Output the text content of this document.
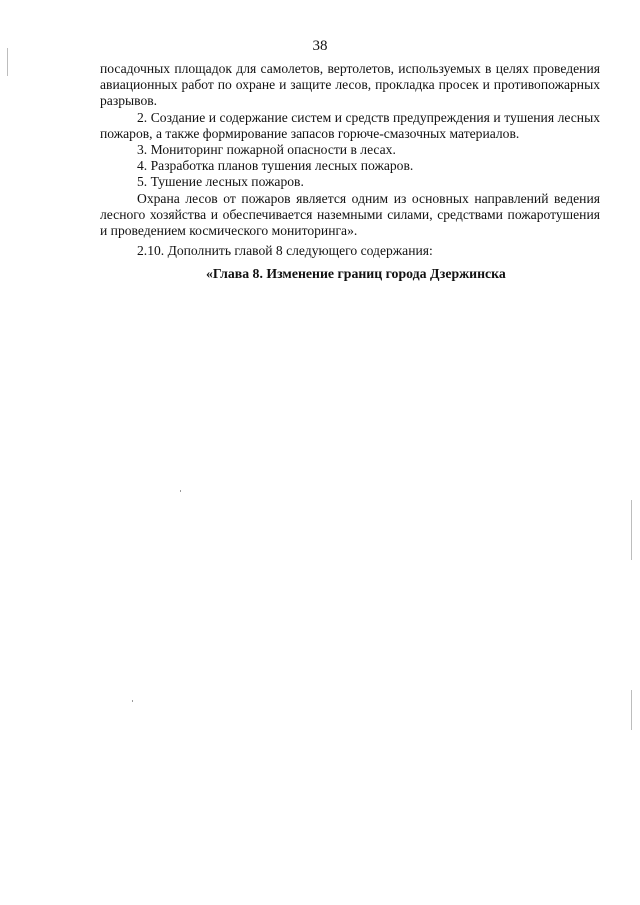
38

посадочных площадок для самолетов, вертолетов, используемых в целях проведения авиационных работ по охране и защите лесов, прокладка просек и противопожарных разрывов.

2. Создание и содержание систем и средств предупреждения и тушения лесных пожаров, а также формирование запасов горюче-смазочных материалов.

3. Мониторинг пожарной опасности в лесах.

4. Разработка планов тушения лесных пожаров.

5. Тушение лесных пожаров.

Охрана лесов от пожаров является одним из основных направлений ведения лесного хозяйства и обеспечивается наземными силами, средствами пожаротушения и проведением космического мониторинга».

2.10. Дополнить главой 8 следующего содержания:

«Глава 8. Изменение границ города Дзержинска
